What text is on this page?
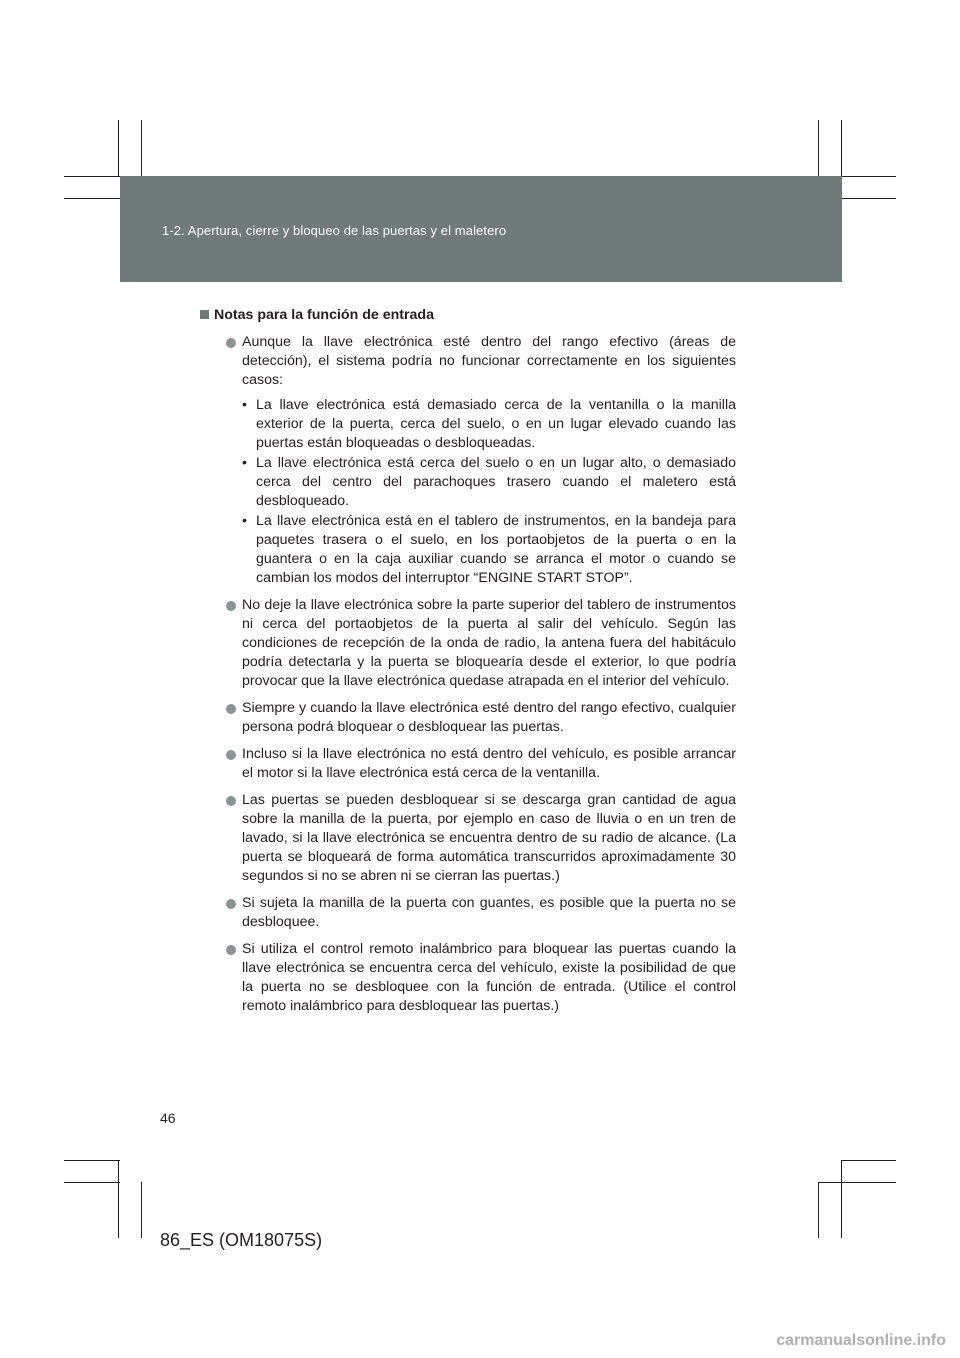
1-2. Apertura, cierre y bloqueo de las puertas y el maletero
Notas para la función de entrada
Aunque la llave electrónica esté dentro del rango efectivo (áreas de detección), el sistema podría no funcionar correctamente en los siguientes casos:
• La llave electrónica está demasiado cerca de la ventanilla o la manilla exterior de la puerta, cerca del suelo, o en un lugar elevado cuando las puertas están bloqueadas o desbloqueadas.
• La llave electrónica está cerca del suelo o en un lugar alto, o demasiado cerca del centro del parachoques trasero cuando el maletero está desbloqueado.
• La llave electrónica está en el tablero de instrumentos, en la bandeja para paquetes trasera o el suelo, en los portaobjetos de la puerta o en la guantera o en la caja auxiliar cuando se arranca el motor o cuando se cambian los modos del interruptor “ENGINE START STOP”.
No deje la llave electrónica sobre la parte superior del tablero de instrumentos ni cerca del portaobjetos de la puerta al salir del vehículo. Según las condiciones de recepción de la onda de radio, la antena fuera del habitáculo podría detectarla y la puerta se bloquearía desde el exterior, lo que podría provocar que la llave electrónica quedase atrapada en el interior del vehículo.
Siempre y cuando la llave electrónica esté dentro del rango efectivo, cualquier persona podrá bloquear o desbloquear las puertas.
Incluso si la llave electrónica no está dentro del vehículo, es posible arrancar el motor si la llave electrónica está cerca de la ventanilla.
Las puertas se pueden desbloquear si se descarga gran cantidad de agua sobre la manilla de la puerta, por ejemplo en caso de lluvia o en un tren de lavado, si la llave electrónica se encuentra dentro de su radio de alcance. (La puerta se bloqueará de forma automática transcurridos aproximadamente 30 segundos si no se abren ni se cierran las puertas.)
Si sujeta la manilla de la puerta con guantes, es posible que la puerta no se desbloquee.
Si utiliza el control remoto inalámbrico para bloquear las puertas cuando la llave electrónica se encuentra cerca del vehículo, existe la posibilidad de que la puerta no se desbloquee con la función de entrada. (Utilice el control remoto inalámbrico para desbloquear las puertas.)
46
86_ES (OM18075S)
carmanualsonline.info
